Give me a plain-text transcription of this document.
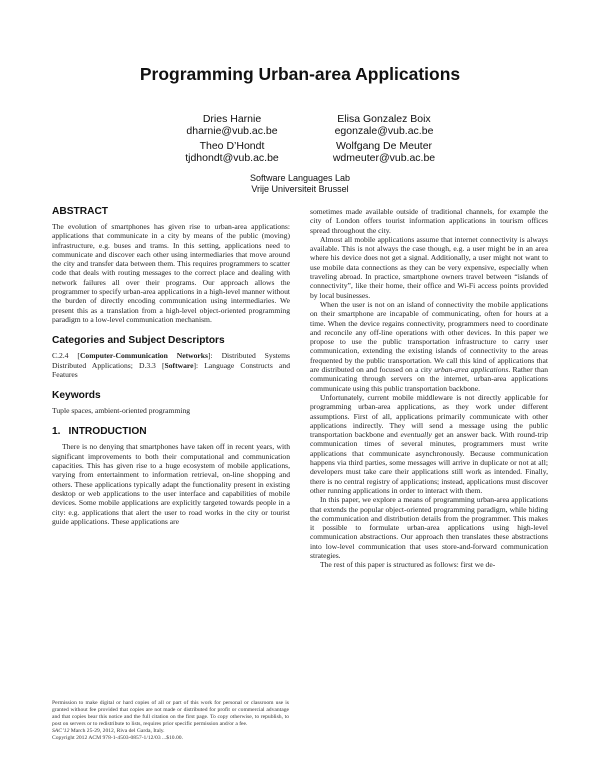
Programming Urban-area Applications
Dries Harnie
dharnie@vub.ac.be
Elisa Gonzalez Boix
egonzale@vub.ac.be
Theo D’Hondt
tjdhondt@vub.ac.be
Wolfgang De Meuter
wdmeuter@vub.ac.be
Software Languages Lab
Vrije Universiteit Brussel
ABSTRACT

The evolution of smartphones has given rise to urban-area applications: applications that communicate in a city by means of the public (moving) infrastructure, e.g. buses and trams. In this setting, applications need to communicate and discover each other using intermediaries that move around the city and transfer data between them. This requires programmers to scatter code that deals with routing messages to the correct place and dealing with network failures all over their programs. Our approach allows the programmer to specify urban-area applications in a high-level manner without the burden of directly encoding communication using intermediaries. We present this as a translation from a high-level object-oriented programming paradigm to a low-level communication mechanism.

Categories and Subject Descriptors

C.2.4 [Computer-Communication Networks]: Distributed Systems Distributed Applications; D.3.3 [Software]: Language Constructs and Features

Keywords

Tuple spaces, ambient-oriented programming

1. INTRODUCTION

There is no denying that smartphones have taken off in recent years, with significant improvements to both their computational and communication capacities. This has given rise to a huge ecosystem of mobile applications, varying from entertainment to information retrieval, on-line shopping and others. These applications typically adapt the functionality present in existing desktop or web applications to the user interface and capabilities of mobile devices. Some mobile applications are explicitly targeted towards people in a city: e.g. applications that alert the user to road works in the city or tourist guide applications. These applications are

sometimes made available outside of traditional channels, for example the city of London offers tourist information applications in tourism offices spread throughout the city.

Almost all mobile applications assume that internet connectivity is always available. This is not always the case though, e.g. a user might be in an area where his device does not get a signal. Additionally, a user might not want to use mobile data connections as they can be very expensive, especially when traveling abroad. In practice, smartphone owners travel between “islands of connectivity”, like their home, their office and Wi-Fi access points provided by local businesses.

When the user is not on an island of connectivity the mobile applications on their smartphone are incapable of communicating, often for hours at a time. When the device regains connectivity, programmers need to coordinate and reconcile any off-line operations with other devices. In this paper we propose to use the public transportation infrastructure to carry user communication, extending the existing islands of connectivity to the areas frequented by the public transportation. We call this kind of applications that are distributed on and focused on a city urban-area applications. Rather than communicating through servers on the internet, urban-area applications communicate using this public transportation backbone.

Unfortunately, current mobile middleware is not directly applicable for programming urban-area applications, as they work under different assumptions. First of all, applications primarily communicate with other applications indirectly. They will send a message using the public transportation backbone and eventually get an answer back. With round-trip communication times of several minutes, programmers must write applications that communicate asynchronously. Because communication happens via third parties, some messages will arrive in duplicate or not at all; developers must take care their applications still work as intended. Finally, there is no central registry of applications; instead, applications must discover other running applications in order to interact with them.

In this paper, we explore a means of programming urban-area applications that extends the popular object-oriented programming paradigm, while hiding the communication and distribution details from the programmer. This makes it possible to formulate urban-area applications using high-level communication abstractions. Our approach then translates these abstractions into low-level communication that uses store-and-forward communication strategies.

The rest of this paper is structured as follows: first we de-

Permission to make digital or hard copies of all or part of this work for personal or classroom use is granted without fee provided that copies are not made or distributed for profit or commercial advantage and that copies bear this notice and the full citation on the first page. To copy otherwise, to republish, to post on servers or to redistribute to lists, requires prior specific permission and/or a fee.
SAC’12 March 25-29, 2012, Riva del Garda, Italy.
Copyright 2012 ACM 978-1-4503-0857-1/12/03 ...$10.00.
